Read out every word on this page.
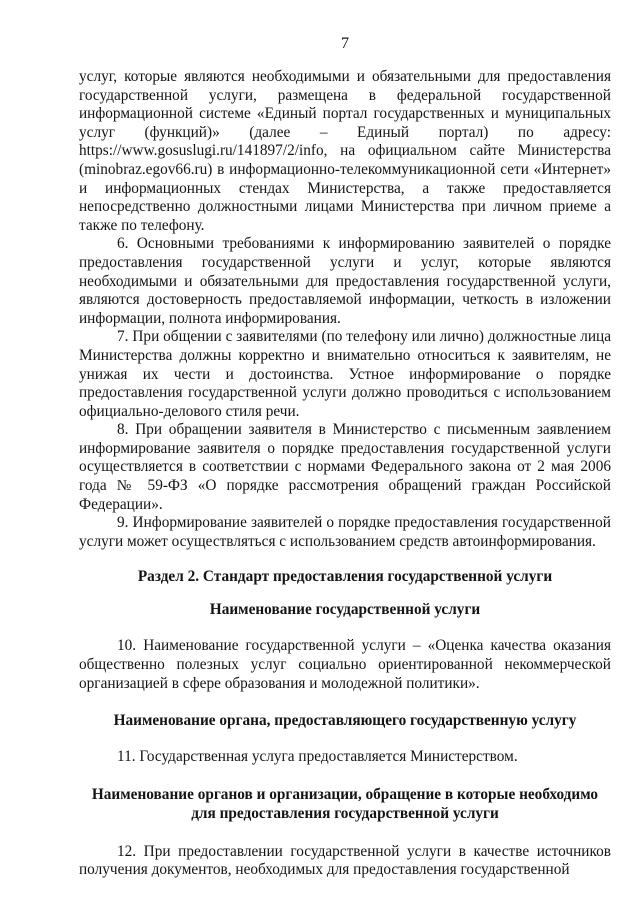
7

услуг, которые являются необходимыми и обязательными для предоставления государственной услуги, размещена в федеральной государственной информационной системе «Единый портал государственных и муниципальных услуг (функций)» (далее – Единый портал) по адресу: https://www.gosuslugi.ru/141897/2/info, на официальном сайте Министерства (minobraz.egov66.ru) в информационно-телекоммуникационной сети «Интернет» и информационных стендах Министерства, а также предоставляется непосредственно должностными лицами Министерства при личном приеме а также по телефону.

6. Основными требованиями к информированию заявителей о порядке предоставления государственной услуги и услуг, которые являются необходимыми и обязательными для предоставления государственной услуги, являются достоверность предоставляемой информации, четкость в изложении информации, полнота информирования.

7. При общении с заявителями (по телефону или лично) должностные лица Министерства должны корректно и внимательно относиться к заявителям, не унижая их чести и достоинства. Устное информирование о порядке предоставления государственной услуги должно проводиться с использованием официально-делового стиля речи.

8. При обращении заявителя в Министерство с письменным заявлением информирование заявителя о порядке предоставления государственной услуги осуществляется в соответствии с нормами Федерального закона от 2 мая 2006 года № 59-ФЗ «О порядке рассмотрения обращений граждан Российской Федерации».

9. Информирование заявителей о порядке предоставления государственной услуги может осуществляться с использованием средств автоинформирования.

Раздел 2. Стандарт предоставления государственной услуги
Наименование государственной услуги

10. Наименование государственной услуги – «Оценка качества оказания общественно полезных услуг социально ориентированной некоммерческой организацией в сфере образования и молодежной политики».

Наименование органа, предоставляющего государственную услугу

11. Государственная услуга предоставляется Министерством.

Наименование органов и организации, обращение в которые необходимо
для предоставления государственной услуги

12. При предоставлении государственной услуги в качестве источников получения документов, необходимых для предоставления государственной
